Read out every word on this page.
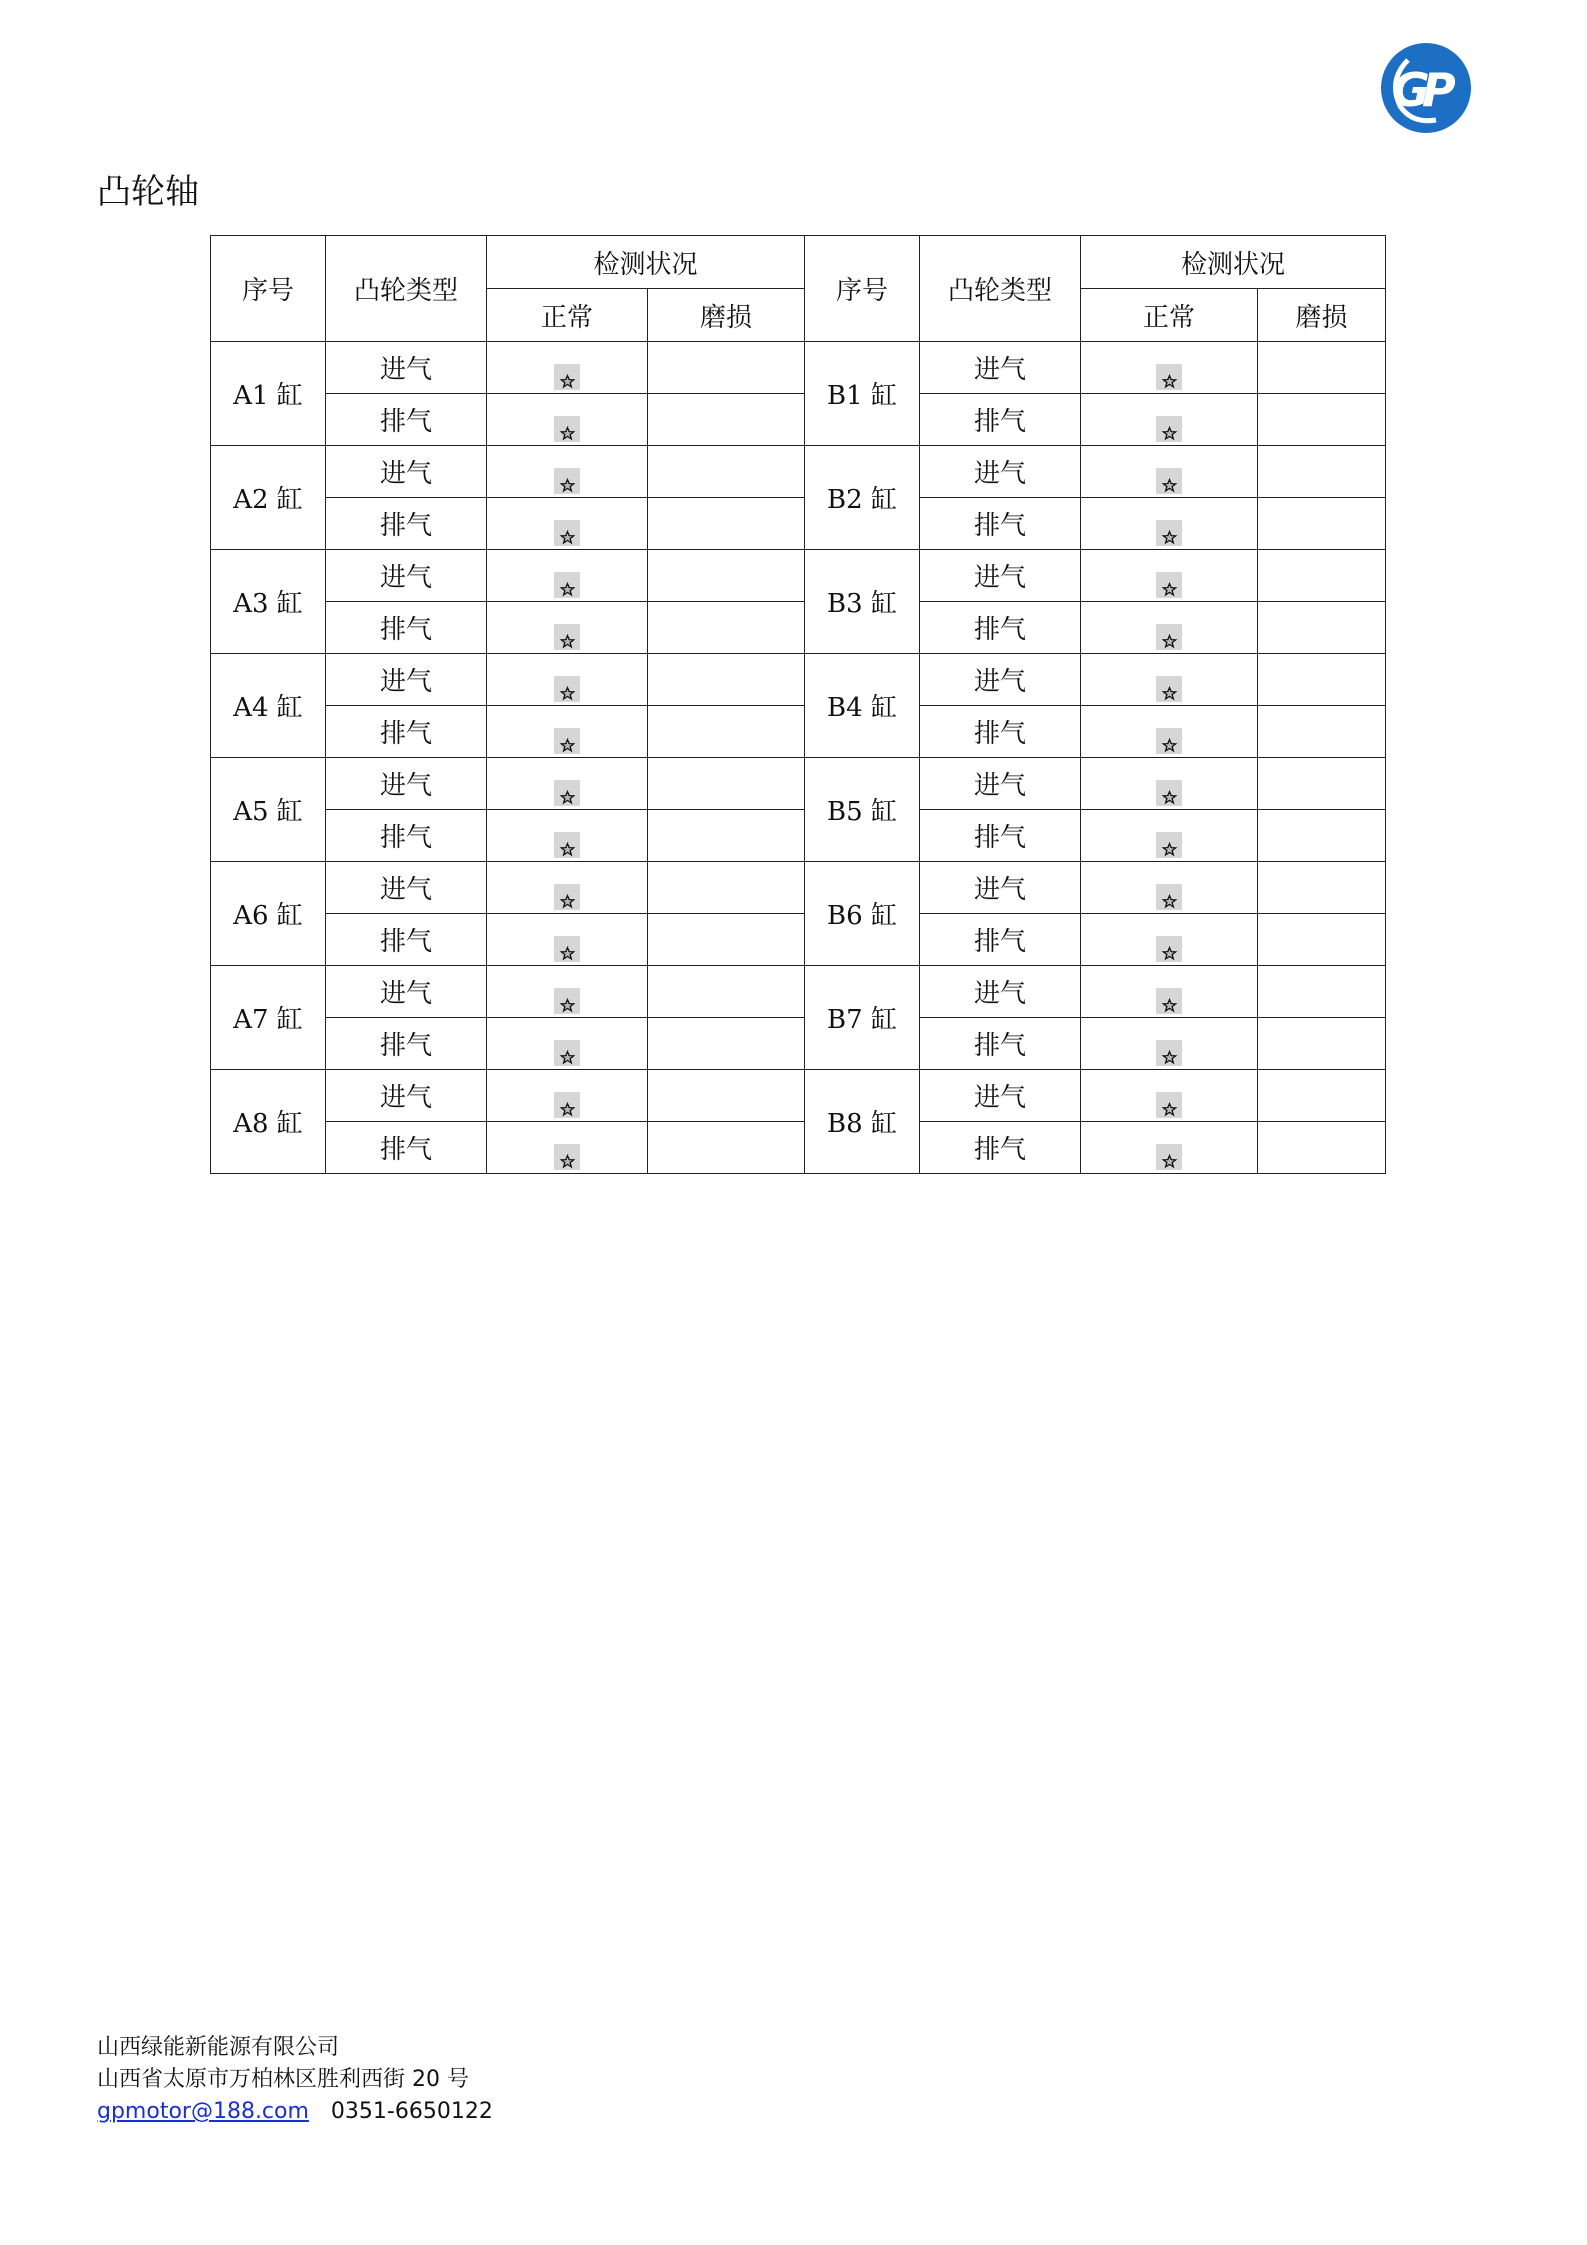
G
P
凸轮轴
序号	凸轮类型	检测状况		序号	凸轮类型	检测状况	
		正常	磨损			正常	磨损
A1 缸	进气			B1 缸	进气	

	排气				排气	

A2 缸	进气			B2 缸	进气	

	排气				排气	

A3 缸	进气			B3 缸	进气	

	排气				排气	

A4 缸	进气			B4 缸	进气	

	排气				排气	

A5 缸	进气			B5 缸	进气	

	排气				排气	

A6 缸	进气			B6 缸	进气	

	排气				排气	

A7 缸	进气			B7 缸	进气	

	排气				排气	

A8 缸	进气			B8 缸	进气	

	排气				排气	

山西绿能新能源有限公司
山西省太原市万柏林区胜利西街 20 号
gpmotor@188.com 0351-6650122
